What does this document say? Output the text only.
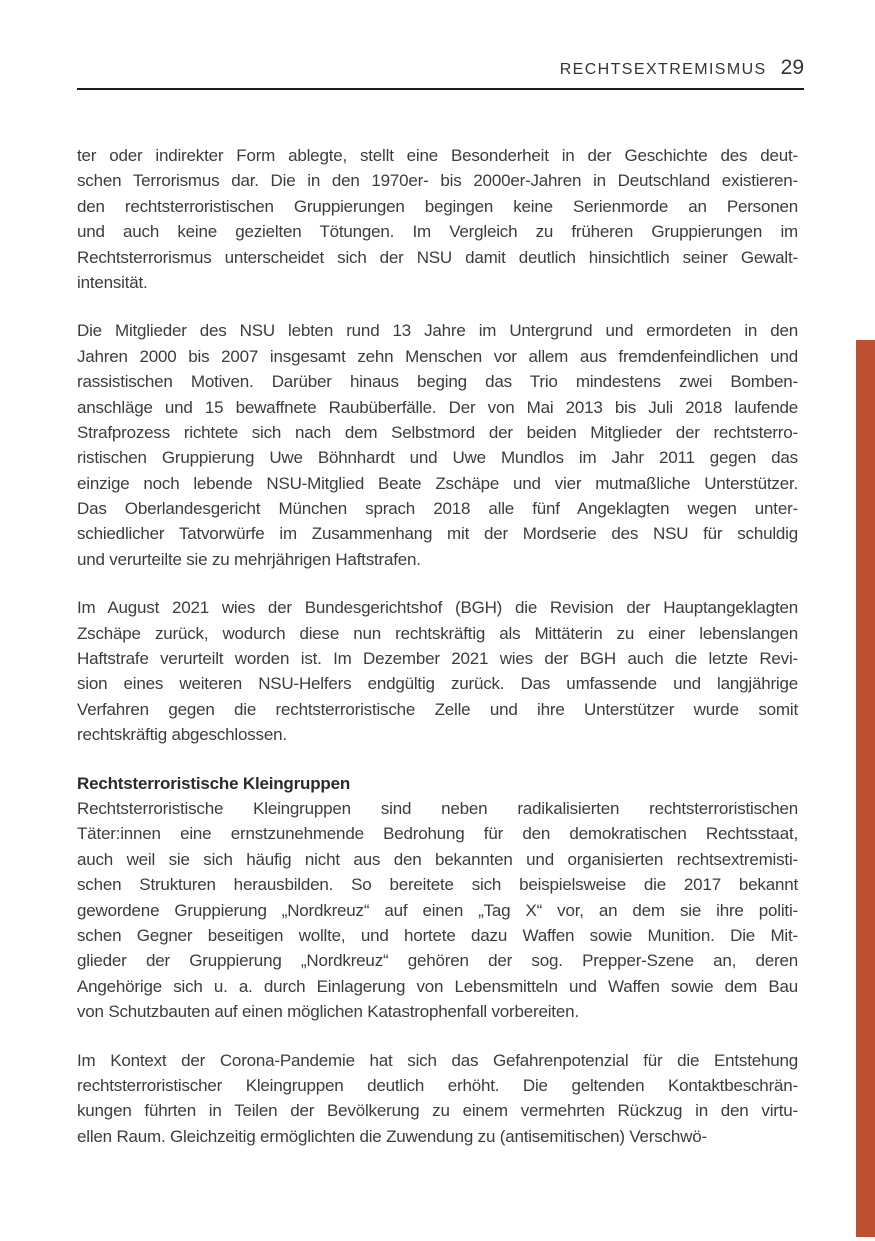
RECHTSEXTREMISMUS 29
ter oder indirekter Form ablegte, stellt eine Besonderheit in der Geschichte des deut-
schen Terrorismus dar. Die in den 1970er- bis 2000er-Jahren in Deutschland existieren-
den rechtsterroristischen Gruppierungen begingen keine Serienmorde an Personen
und auch keine gezielten Tötungen. Im Vergleich zu früheren Gruppierungen im
Rechtsterrorismus unterscheidet sich der NSU damit deutlich hinsichtlich seiner Gewalt-
intensität.
Die Mitglieder des NSU lebten rund 13 Jahre im Untergrund und ermordeten in den
Jahren 2000 bis 2007 insgesamt zehn Menschen vor allem aus fremdenfeindlichen und
rassistischen Motiven. Darüber hinaus beging das Trio mindestens zwei Bomben-
anschläge und 15 bewaffnete Raubüberfälle. Der von Mai 2013 bis Juli 2018 laufende
Strafprozess richtete sich nach dem Selbstmord der beiden Mitglieder der rechtsterro-
ristischen Gruppierung Uwe Böhnhardt und Uwe Mundlos im Jahr 2011 gegen das
einzige noch lebende NSU-Mitglied Beate Zschäpe und vier mutmaßliche Unterstützer.
Das Oberlandesgericht München sprach 2018 alle fünf Angeklagten wegen unter-
schiedlicher Tatvorwürfe im Zusammenhang mit der Mordserie des NSU für schuldig
und verurteilte sie zu mehrjährigen Haftstrafen.
Im August 2021 wies der Bundesgerichtshof (BGH) die Revision der Hauptangeklagten
Zschäpe zurück, wodurch diese nun rechtskräftig als Mittäterin zu einer lebenslangen
Haftstrafe verurteilt worden ist. Im Dezember 2021 wies der BGH auch die letzte Revi-
sion eines weiteren NSU-Helfers endgültig zurück. Das umfassende und langjährige
Verfahren gegen die rechtsterroristische Zelle und ihre Unterstützer wurde somit
rechtskräftig abgeschlossen.
Rechtsterroristische Kleingruppen
Rechtsterroristische Kleingruppen sind neben radikalisierten rechtsterroristischen
Täter:innen eine ernstzunehmende Bedrohung für den demokratischen Rechtsstaat,
auch weil sie sich häufig nicht aus den bekannten und organisierten rechtsextremisti-
schen Strukturen herausbilden. So bereitete sich beispielsweise die 2017 bekannt
gewordene Gruppierung „Nordkreuz“ auf einen „Tag X“ vor, an dem sie ihre politi-
schen Gegner beseitigen wollte, und hortete dazu Waffen sowie Munition. Die Mit-
glieder der Gruppierung „Nordkreuz“ gehören der sog. Prepper-Szene an, deren
Angehörige sich u. a. durch Einlagerung von Lebensmitteln und Waffen sowie dem Bau
von Schutzbauten auf einen möglichen Katastrophenfall vorbereiten.
Im Kontext der Corona-Pandemie hat sich das Gefahrenpotenzial für die Entstehung
rechtsterroristischer Kleingruppen deutlich erhöht. Die geltenden Kontaktbeschrän-
kungen führten in Teilen der Bevölkerung zu einem vermehrten Rückzug in den virtu-
ellen Raum. Gleichzeitig ermöglichten die Zuwendung zu (antisemitischen) Verschwö-
